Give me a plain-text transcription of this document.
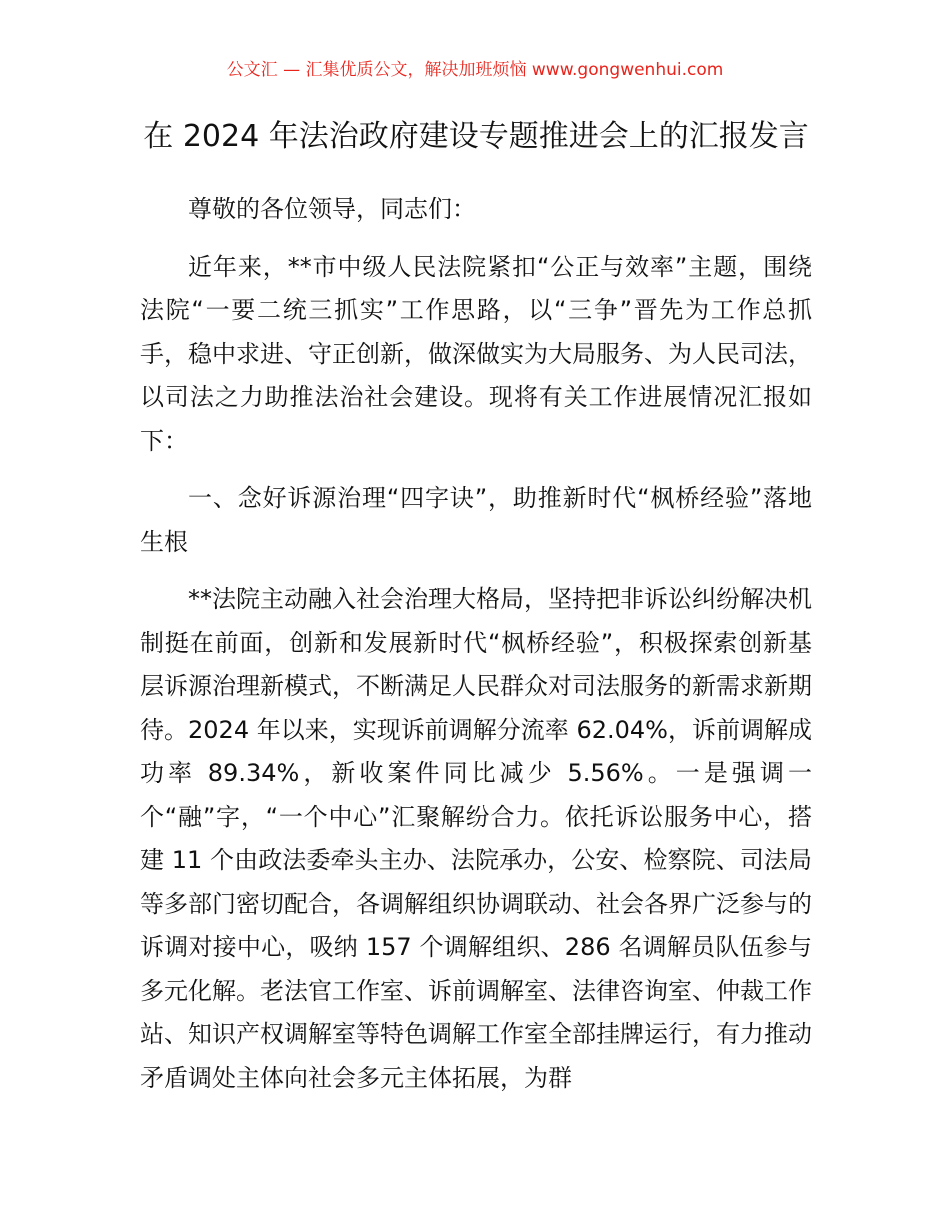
公文汇 — 汇集优质公文，解决加班烦恼 www.gongwenhui.com
在 2024 年法治政府建设专题推进会上的汇报发言

尊敬的各位领导，同志们：

近年来，**市中级人民法院紧扣“公正与效率”主题，围绕法院“一要二统三抓实”工作思路，以“三争”晋先为工作总抓手，稳中求进、守正创新，做深做实为大局服务、为人民司法，以司法之力助推法治社会建设。现将有关工作进展情况汇报如下：

一、念好诉源治理“四字诀”，助推新时代“枫桥经验”落地生根

**法院主动融入社会治理大格局，坚持把非诉讼纠纷解决机制挺在前面，创新和发展新时代“枫桥经验”，积极探索创新基层诉源治理新模式，不断满足人民群众对司法服务的新需求新期待。2024 年以来，实现诉前调解分流率 62.04%，诉前调解成功率 89.34%，新收案件同比减少 5.56%。一是强调一个“融”字，“一个中心”汇聚解纷合力。依托诉讼服务中心，搭建 11 个由政法委牵头主办、法院承办，公安、检察院、司法局等多部门密切配合，各调解组织协调联动、社会各界广泛参与的诉调对接中心，吸纳 157 个调解组织、286 名调解员队伍参与多元化解。老法官工作室、诉前调解室、法律咨询室、仲裁工作站、知识产权调解室等特色调解工作室全部挂牌运行，有力推动矛盾调处主体向社会多元主体拓展，为群
